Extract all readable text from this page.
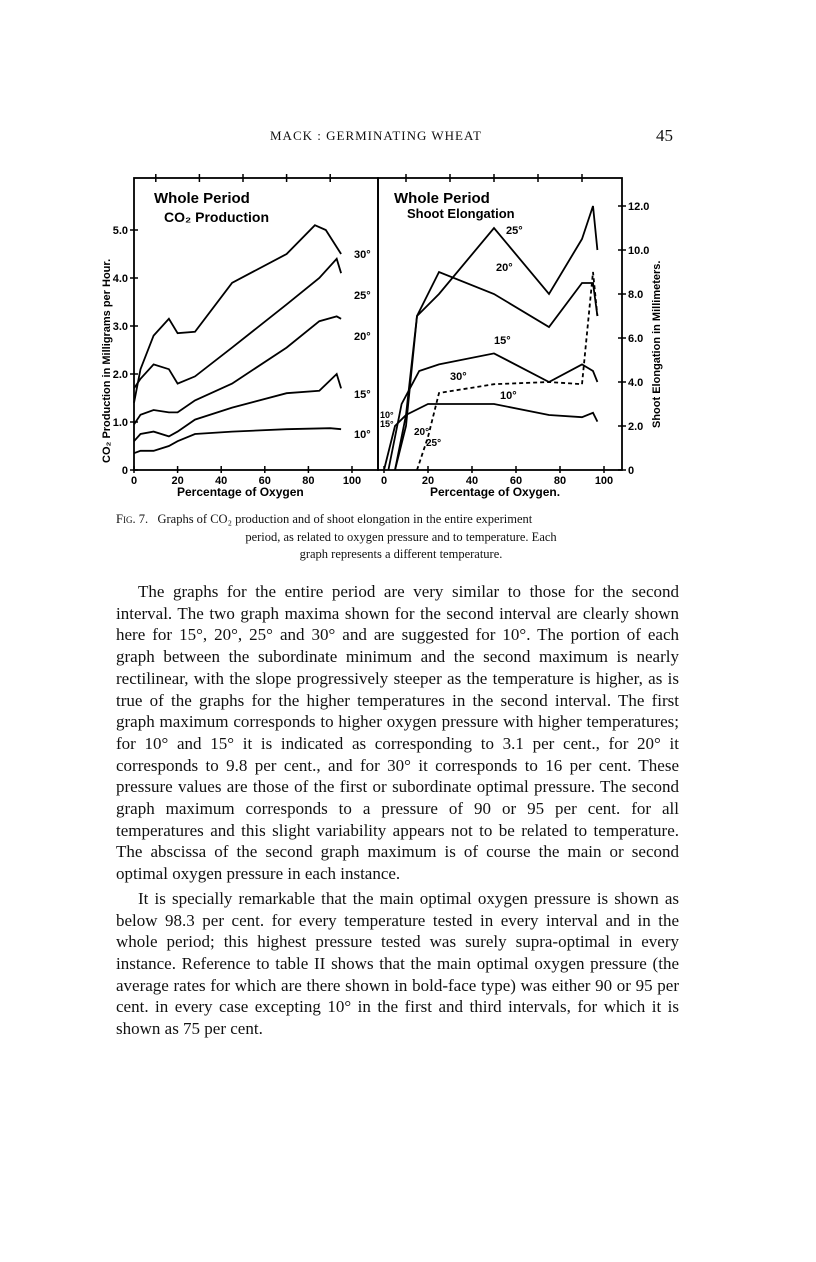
MACK : GERMINATING WHEAT	45
Whole Period
CO₂ Production
CO₂ Production in Milligrams per Hour.
Percentage of Oxygen
5.0
4.0
3.0
2.0
1.0
0
0	20	40	60	80	100
30°
25°
20°
15°
10°
Whole Period
Shoot Elongation
Shoot Elongation in Millimeters.
Percentage of Oxygen.
12.0
10.0
8.0
6.0
4.0
2.0
0
0	20	40	60	80	100
25°
20°
15°
30°
10°
20°
25°
10°
15°
Fig. 7. Graphs of CO₂ production and of shoot elongation in the entire experiment
period, as related to oxygen pressure and to temperature. Each
graph represents a different temperature.

The graphs for the entire period are very similar to those for the second interval. The two graph maxima shown for the second interval are clearly shown here for 15°, 20°, 25° and 30° and are suggested for 10°. The portion of each graph between the subordinate minimum and the second maximum is nearly rectilinear, with the slope progressively steeper as the temperature is higher, as is true of the graphs for the higher temperatures in the second interval. The first graph maximum corresponds to higher oxygen pressure with higher temperatures; for 10° and 15° it is indicated as corresponding to 3.1 per cent., for 20° it corresponds to 9.8 per cent., and for 30° it corresponds to 16 per cent. These pressure values are those of the first or subordinate optimal pressure. The second graph maximum corresponds to a pressure of 90 or 95 per cent. for all temperatures and this slight variability appears not to be related to temperature. The abscissa of the second graph maximum is of course the main or second optimal oxygen pressure in each instance.

It is specially remarkable that the main optimal oxygen pressure is shown as below 98.3 per cent. for every temperature tested in every interval and in the whole period; this highest pressure tested was surely supra-optimal in every instance. Reference to table II shows that the main optimal oxygen pressure (the average rates for which are there shown in bold-face type) was either 90 or 95 per cent. in every case excepting 10° in the first and third intervals, for which it is shown as 75 per cent.
